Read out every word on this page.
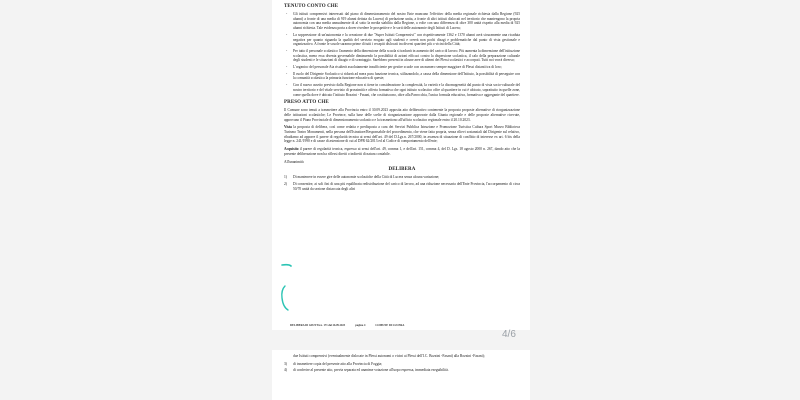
TENUTO CONTO CHE
- Gli istituti comprensivi interessati dal piano di dimensionamento del nostro Ente mancano l'effettivo della media regionale richiesta dalla Regione (925 alunni) a fronte di una media di 919 alunni dettata da Lucera) di prefazione unita, a fronte di altri istituti dislocati nel territorio che mantengono la propria autonomia con una media annualmente di al sotto la media stabilita dalla Regione, a volte con una differenza di oltre 300 unità rispetto alla media di 925 alunni richiesta. Tale evidenza porta a dover rivedere le prospettive e le sorti delle autonomie degli Istituti di Lucera;
- La soppressione di un'autonomia e la creazione di due "Super Istituti Comprensivi" con rispettivamente 1362 e 1370 alunni avrà sicuramente una ricaduta negativa per quanto riguarda la qualità del servizio erogato agli studenti e creerà non pochi disagi e problematiche dal punto di vista gestionale e organizzativo. A fronte le scuole saranno prime di tutti i recapiti dislocati tra diversi quartieri più o vicini della Città;
- Per tutto il personale scolastico l'aumento della dimensione della scuola si tradurrà in aumento del carico di lavoro. Più aumenta la dimensione dell'istituzione scolastica, meno essa diventa governabile diminuendo la possibilità di azioni efficaci contro la dispersione scolastica, il calo della preparazione culturale degli studenti e le situazioni di disagio e di svantaggio. Sarebbero presenti in alcune aree di alterni dei Plessi scolastici e accorpati. Tutti noi vorrà diverso;
- L'organico del personale Ata risulterà assolutamente insufficiente per gestire scuole con un numero sempre maggiore di Plessi distanti tra di loro;
- Il ruolo del Dirigente Scolastico si ridurrà ad mera pura funzione tecnica, stilizzandolo, a causa della dimensione dell'Istituto, la possibilità di perseguire con la comunità scolastica la primaria funzione educativa di queste;
- Con il nuovo assetto previsto dalla Regione non si tiene in considerazione la complessità, la varietà e la disomogeneità dal punto di vista socio-culturale del nostro territorio e del vitale servizio di prossimità e offerta formativa che ogni istituto scolastico offre al quartiere in cui è ubicato, soprattutto in quelle zone, come quella dove è ubicato l'istituto Bozzini - Fasani, che costituiscono, oltre alla Parrocchia, l'unica formula educativa, formativa e aggregante del quartiere.
PRESO ATTO CHE

Il Comune sono tenuti a trasmettere alla Provincia entro il 30.09.2023 apposita atto deliberativo contenente la proposta proposte alternative di riorganizzazione delle istituzioni scolastiche; Le Province, sulla base delle scelte di riorganizzazione approvate dalla Giunta regionale e delle proposte alternative ricevute, approvano il Piano Provinciale di dimensionamento scolastico e la trasmettono all'ufficio scolastico regionale entro il 20.10.2023.

Vista la proposta di delibera, così come redatta e predisposta a cura dei Servizi Pubblica Istruzione e Promozione Turistica Cultura Sport Museo Biblioteca Turismo Teatro Monumenti, nella persona dell'Istruttore/Responsabile del procedimento, che viene fatta propria, senza rilievi sostanziali dal Dirigente sul relativo, ribadiamo ad apporre il parere di regolarità tecnica ai sensi dell'art. 49 del D.Lgs.n. 267/2000, in assenza di situazione di conflitto di interesse ex art. 6 bis della legge n. 241/1990 e di cause di astensione di cui al DPR 62/2013 ed al Codice di comportamento dell'ente;

Acquisito il parere di regolarità tecnica, espresso ai sensi dell'art. 49, comma 1, e dell'art. 151, comma 4, del D. Lgs. 18 agosto 2000 n. 267, dando atto che la presente deliberazione non ha riflessi diretti o indiretti di natura contabile.

All'unanimità

DELIBERA
1)	Di mantenere in essere gire delle autonomie scolastiche della Città di Lucera senza alcuna variazione;
2)	Di consentire, ai soli fini di una più equilibrata redistribuzione del carico di lavoro, ad una riduzione necessaria dell'Ente Provincia, l'accorpamento di circa 50/70 unità da sezione distaccata degli altri
DELIBERA DI GIUNTA n. 171 del 26.09.2023	pagina 4	COMUNE DI LUCERA
4/6

due Istituti comprensivi (eventualmente dislocate in Plessi autonomi o vicini ai Plessi dell'I.C. Bozzini -Fasani) alla Bozzini -Fasani);

3)	di trasmettere copia del presente atto alla Provincia di Foggia;
4)	di conferire al presente atto, previa separata ed unanime votazione all'uopo espressa, immediata eseguibilità.
